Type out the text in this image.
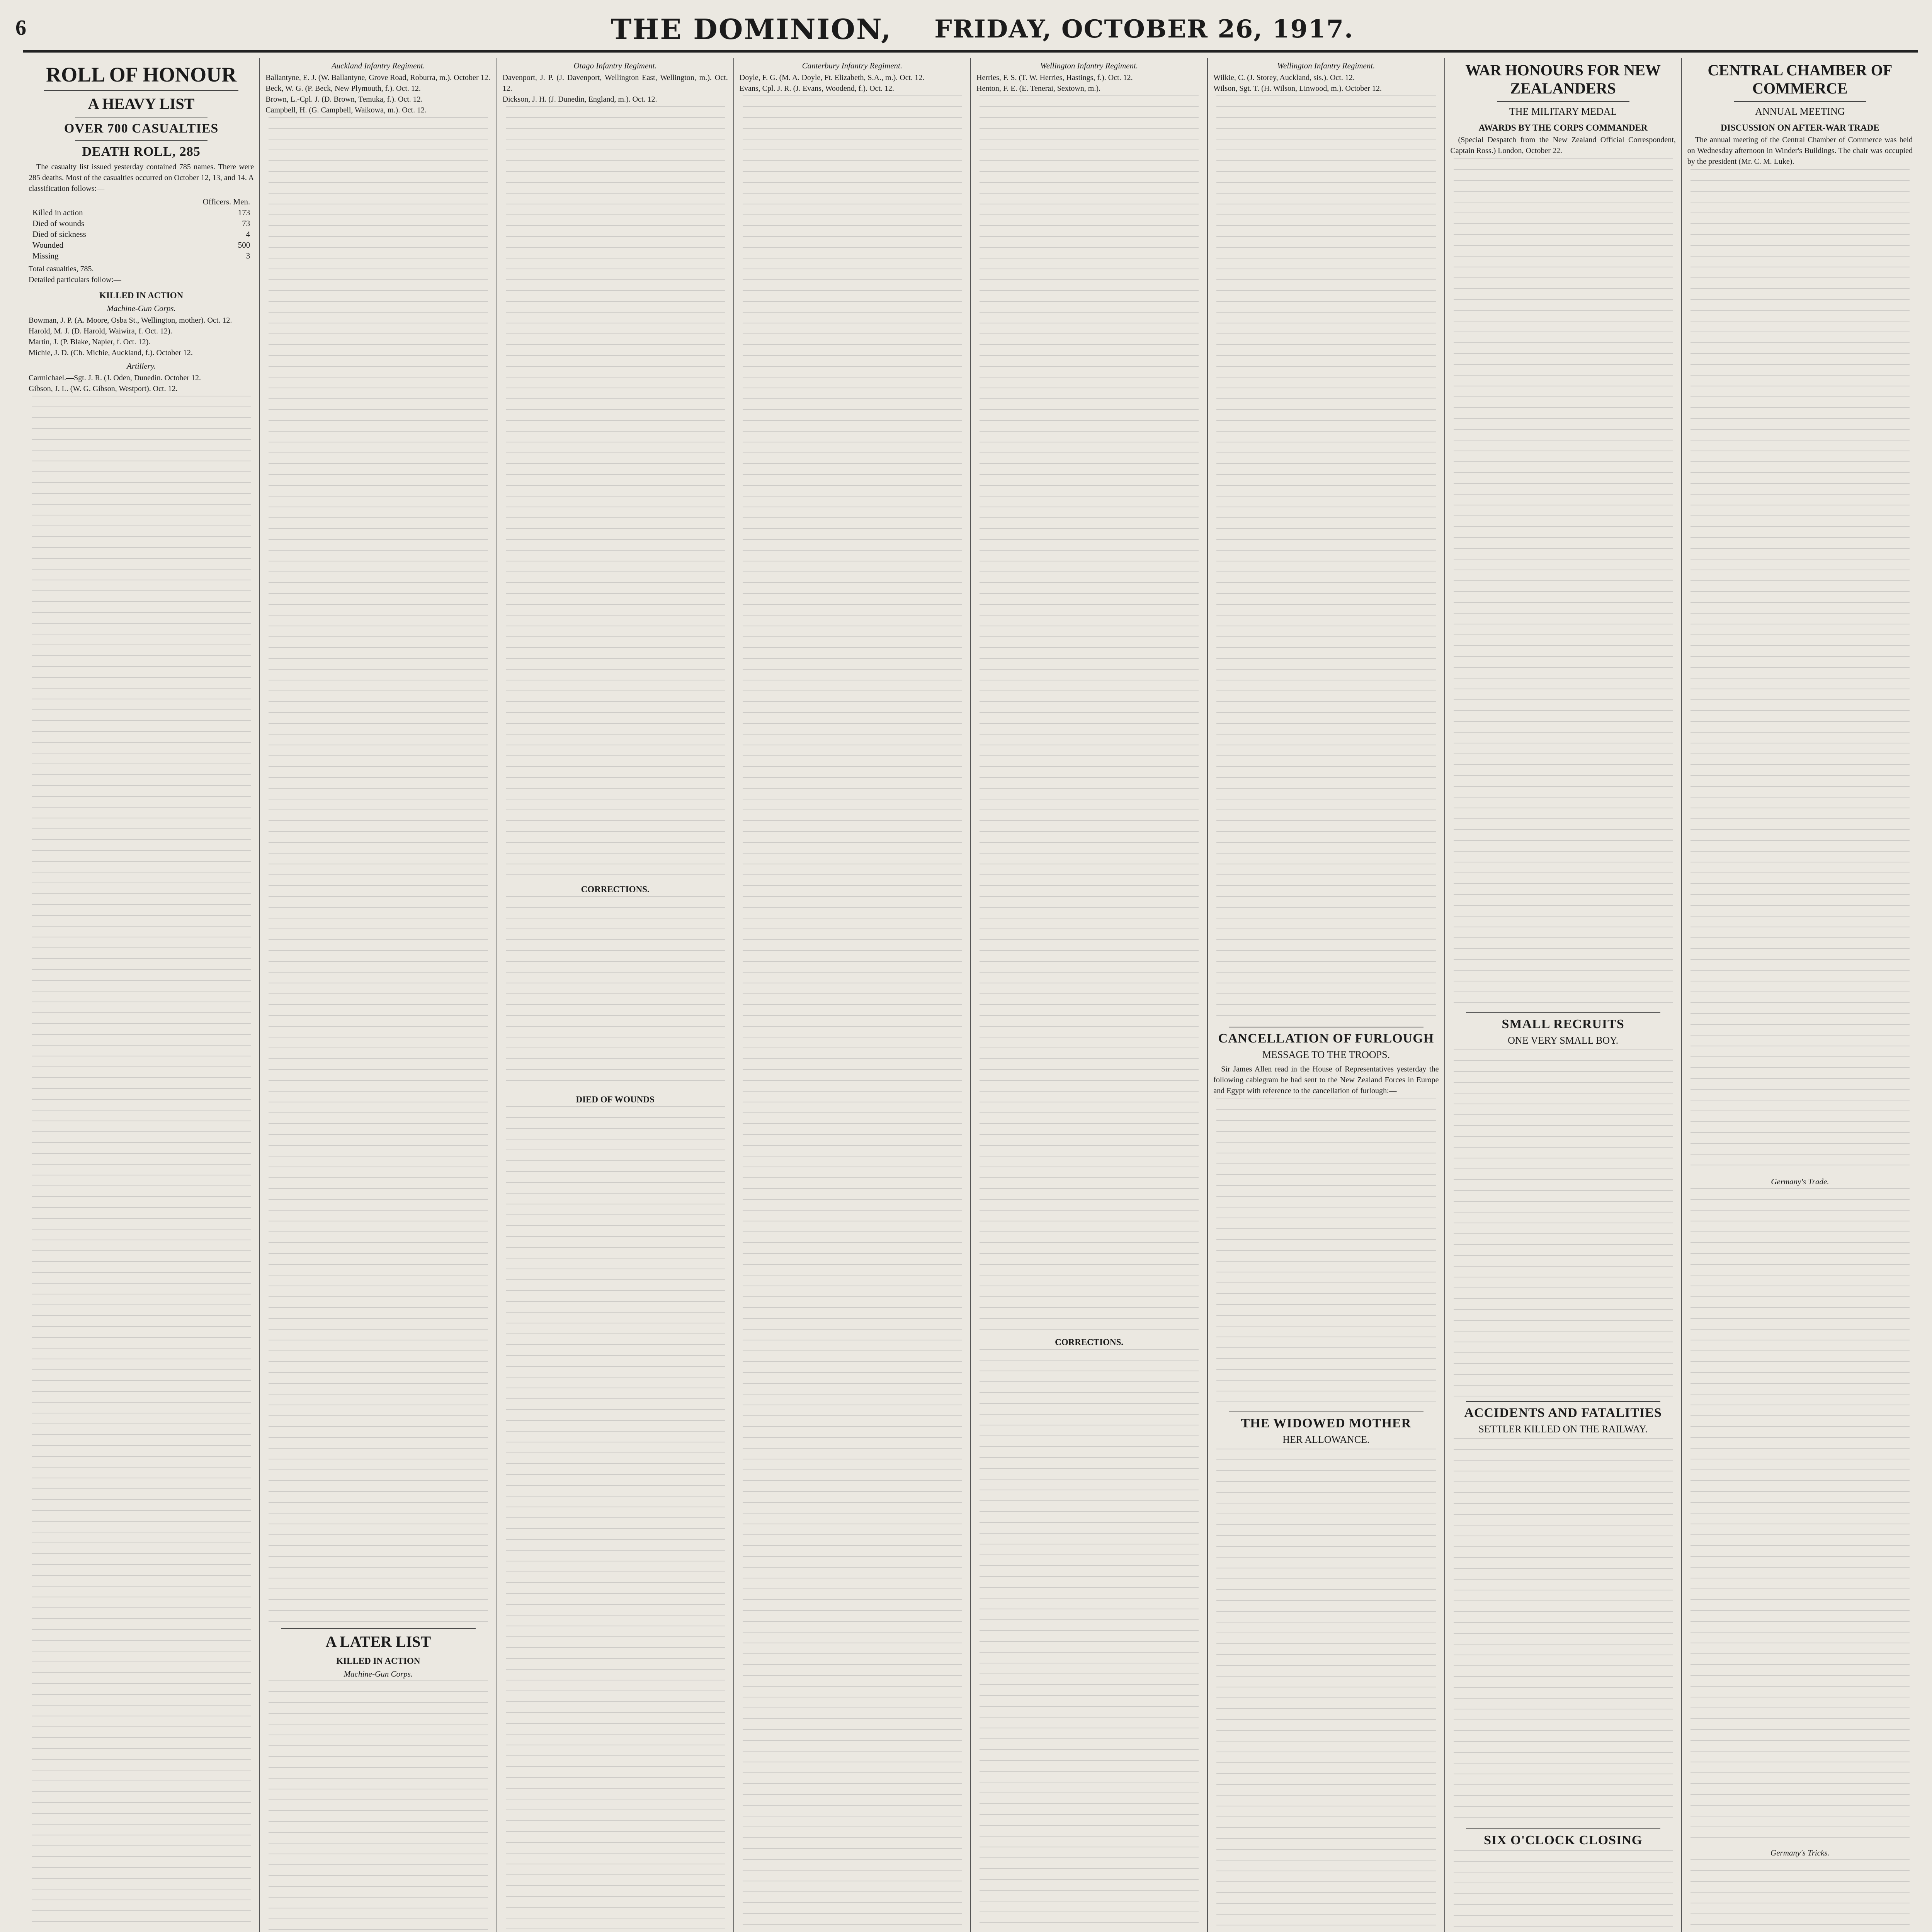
6	THE DOMINION, FRIDAY, OCTOBER 26, 1917.
ROLL OF HONOUR
A HEAVY LIST
OVER 700 CASUALTIES
DEATH ROLL, 285

The casualty list issued yesterday contained 785 names. There were 285 deaths. Most of the casualties occurred on October 12, 13, and 14. A classification follows:—

Officers. Men.
Killed in action	173
Died of wounds	73
Died of sickness	4
Wounded	500
Missing	3
Total casualties, 785.
Detailed particulars follow:—
KILLED IN ACTION
Machine-Gun Corps.
Bowman, J. P. (A. Moore, Osba St., Wellington, mother). Oct. 12.
Harold, M. J. (D. Harold, Waiwira, f. Oct. 12).
Martin, J. (P. Blake, Napier, f. Oct. 12).
Michie, J. D. (Ch. Michie, Auckland, f.). October 12.
Artillery.
Carmichael.—Sgt. J. R. (J. Oden, Dunedin. October 12.
Gibson, J. L. (W. G. Gibson, Westport). Oct. 12.
Auckland Infantry Regiment.
Ballantyne, E. J. (W. Ballantyne, Grove Road, Roburra, m.). October 12.
Beck, W. G. (P. Beck, New Plymouth, f.). Oct. 12.
Brown, L.-Cpl. J. (D. Brown, Temuka, f.). Oct. 12.
Campbell, H. (G. Campbell, Waikowa, m.). Oct. 12.
A LATER LIST
KILLED IN ACTION
Machine-Gun Corps.
Otago Infantry Regiment.
Davenport, J. P. (J. Davenport, Wellington East, Wellington, m.). Oct. 12.
Dickson, J. H. (J. Dunedin, England, m.). Oct. 12.
CORRECTIONS.
DIED OF WOUNDS
Canterbury Infantry Regiment.
Doyle, F. G. (M. A. Doyle, Ft. Elizabeth, S.A., m.). Oct. 12.
Evans, Cpl. J. R. (J. Evans, Woodend, f.). Oct. 12.
Wellington Infantry Regiment.
Herries, F. S. (T. W. Herries, Hastings, f.). Oct. 12.
Henton, F. E. (E. Tenerai, Sextown, m.).
CORRECTIONS.
Wellington Infantry Regiment.
Wilkie, C. (J. Storey, Auckland, sis.). Oct. 12.
Wilson, Sgt. T. (H. Wilson, Linwood, m.). October 12.
CANCELLATION OF FURLOUGH
MESSAGE TO THE TROOPS.

Sir James Allen read in the House of Representatives yesterday the following cablegram he had sent to the New Zealand Forces in Europe and Egypt with reference to the cancellation of furlough:—

THE WIDOWED MOTHER
HER ALLOWANCE.
WAR HONOURS FOR NEW ZEALANDERS
THE MILITARY MEDAL
AWARDS BY THE CORPS COMMANDER

(Special Despatch from the New Zealand Official Correspondent, Captain Ross.) London, October 22.

SMALL RECRUITS
ONE VERY SMALL BOY.
ACCIDENTS AND FATALITIES
SETTLER KILLED ON THE RAILWAY.
SIX O'CLOCK CLOSING
CENTRAL CHAMBER OF COMMERCE
ANNUAL MEETING
DISCUSSION ON AFTER-WAR TRADE

The annual meeting of the Central Chamber of Commerce was held on Wednesday afternoon in Winder's Buildings. The chair was occupied by the president (Mr. C. M. Luke).

Germany's Trade.
Germany's Tricks.
